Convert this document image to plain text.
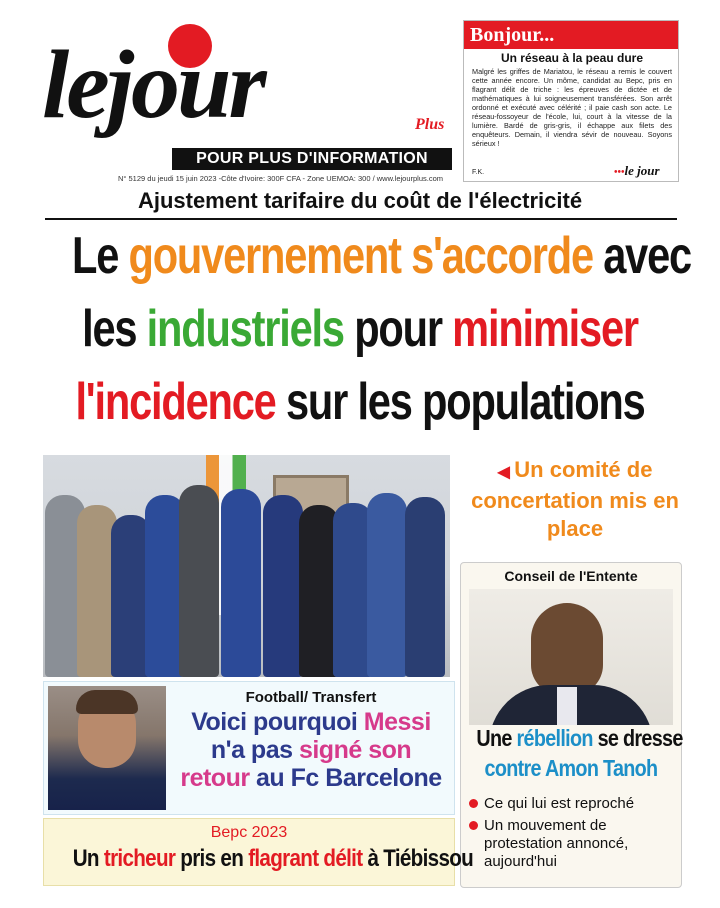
lejour	Plus
POUR PLUS D'INFORMATION
N° 5129 du jeudi 15 juin 2023 -Côte d'Ivoire: 300F CFA - Zone UEMOA: 300 / www.lejourplus.com
Bonjour...
Un réseau à la peau dure
Malgré les griffes de Mariatou, le réseau a remis le couvert cette année encore. Un môme, candidat au Bepc, pris en flagrant délit de triche : les épreuves de dictée et de mathématiques à lui soigneusement transférées. Son arrêt ordonné et exécuté avec célérité ; il paie cash son acte. Le réseau-fossoyeur de l'école, lui, court à la vitesse de la lumière. Bardé de gris-gris, il échappe aux filets des enquêteurs. Demain, il viendra sévir de nouveau. Soyons sérieux !
F.K.	•••le jour
Ajustement tarifaire du coût de l'électricité
Le gouvernement s'accorde avec
les industriels pour minimiser
l'incidence sur les populations
◀ Un comité de concertation mis en place
Conseil de l'Entente
Une rébellion se dresse
contre Amon Tanoh
Ce qui lui est reproché
Un mouvement de protestation annoncé, aujourd'hui
Football/ Transfert
Voici pourquoi Messi
n'a pas signé son
retour au Fc Barcelone
Bepc 2023
Un tricheur pris en flagrant délit à Tiébissou
